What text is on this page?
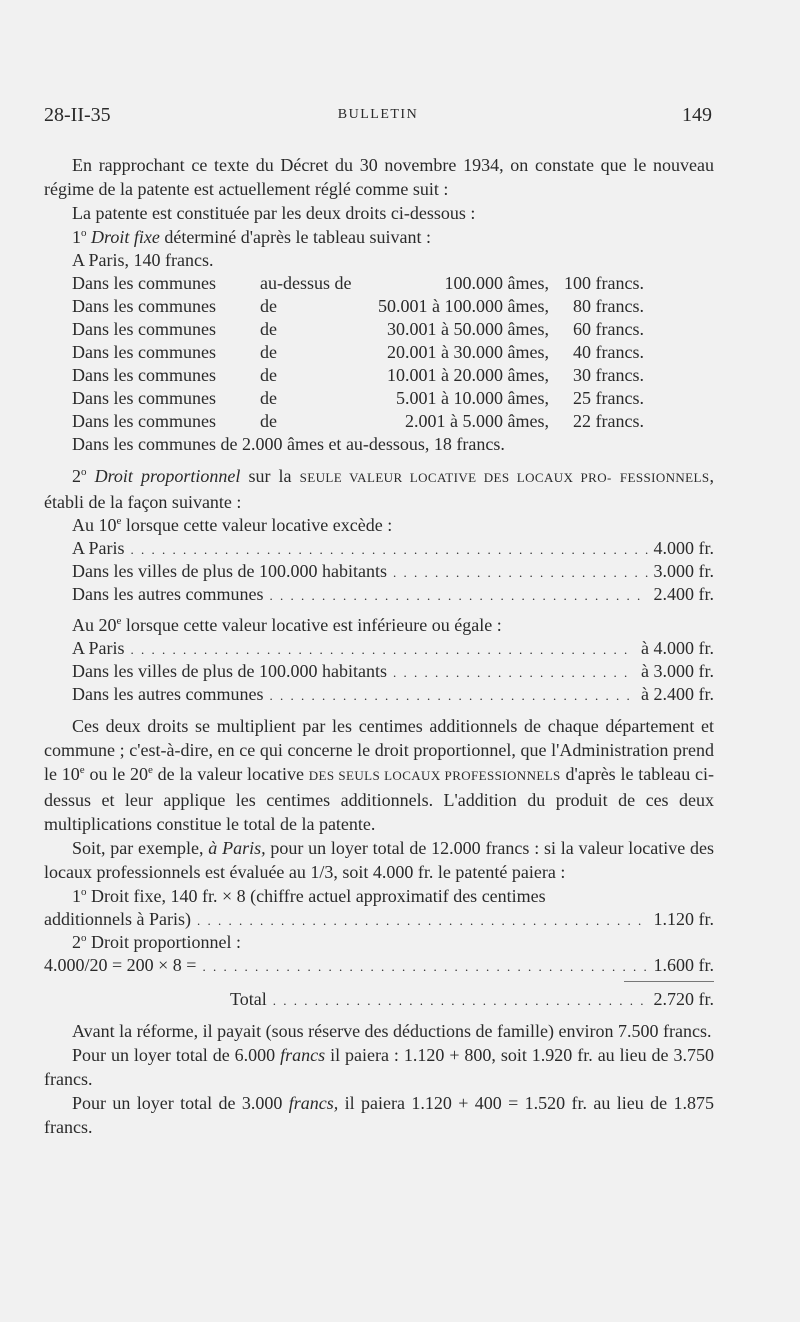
28-II-35	BULLETIN	149

En rapprochant ce texte du Décret du 30 novembre 1934, on constate que le nouveau régime de la patente est actuellement réglé comme suit :

La patente est constituée par les deux droits ci-dessous :

1$^o$ Droit fixe déterminé d'après le tableau suivant :

A Paris, 140 francs.
Dans les communes au-dessus de	100.000 âmes, 100 francs.
Dans les communes de	50.001 à 100.000 âmes, 80 francs.
Dans les communes de	30.001 à 50.000 âmes, 60 francs.
Dans les communes de	20.001 à 30.000 âmes, 40 francs.
Dans les communes de	10.001 à 20.000 âmes, 30 francs.
Dans les communes de	5.001 à 10.000 âmes, 25 francs.
Dans les communes de	2.001 à 5.000 âmes, 22 francs.
Dans les communes de 2.000 âmes et au-dessous, 18 francs.

2$^o$ Droit proportionnel sur la SEULE VALEUR LOCATIVE DES LOCAUX PRO- FESSIONNELS, établi de la façon suivante :

Au 10e lorsque cette valeur locative excède :
A Paris . . .	4.000 fr.
Dans les villes de plus de 100.000 habitants . . .	3.000 fr.
Dans les autres communes . . .	2.400 fr.
Au 20e lorsque cette valeur locative est inférieure ou égale :
A Paris . . .	à 4.000 fr.
Dans les villes de plus de 100.000 habitants . . .	à 3.000 fr.
Dans les autres communes . . .	à 2.400 fr.

Ces deux droits se multiplient par les centimes additionnels de chaque département et commune ; c'est-à-dire, en ce qui concerne le droit proportionnel, que l'Administration prend le 10e ou le 20e de la valeur locative DES SEULS LOCAUX PROFESSIONNELS d'après le tableau ci-dessus et leur applique les centimes additionnels. L'addition du produit de ces deux multiplications constitue le total de la patente.

Soit, par exemple, à Paris, pour un loyer total de 12.000 francs : si la valeur locative des locaux professionnels est évaluée au 1/3, soit 4.000 fr. le patenté paiera :

1$^o$ Droit fixe, 140 fr. × 8 (chiffre actuel approximatif des centimes

additionnels à Paris) . . .	1.120 fr.
2$^o$ Droit proportionnel :
4.000/20 = 200 × 8 = . . .	1.600 fr.
Total . . .	2.720 fr.

Avant la réforme, il payait (sous réserve des déductions de famille) environ 7.500 francs.

Pour un loyer total de 6.000 francs il paiera : 1.120 + 800, soit 1.920 fr. au lieu de 3.750 francs.

Pour un loyer total de 3.000 francs, il paiera 1.120 + 400 = 1.520 fr. au lieu de 1.875 francs.
